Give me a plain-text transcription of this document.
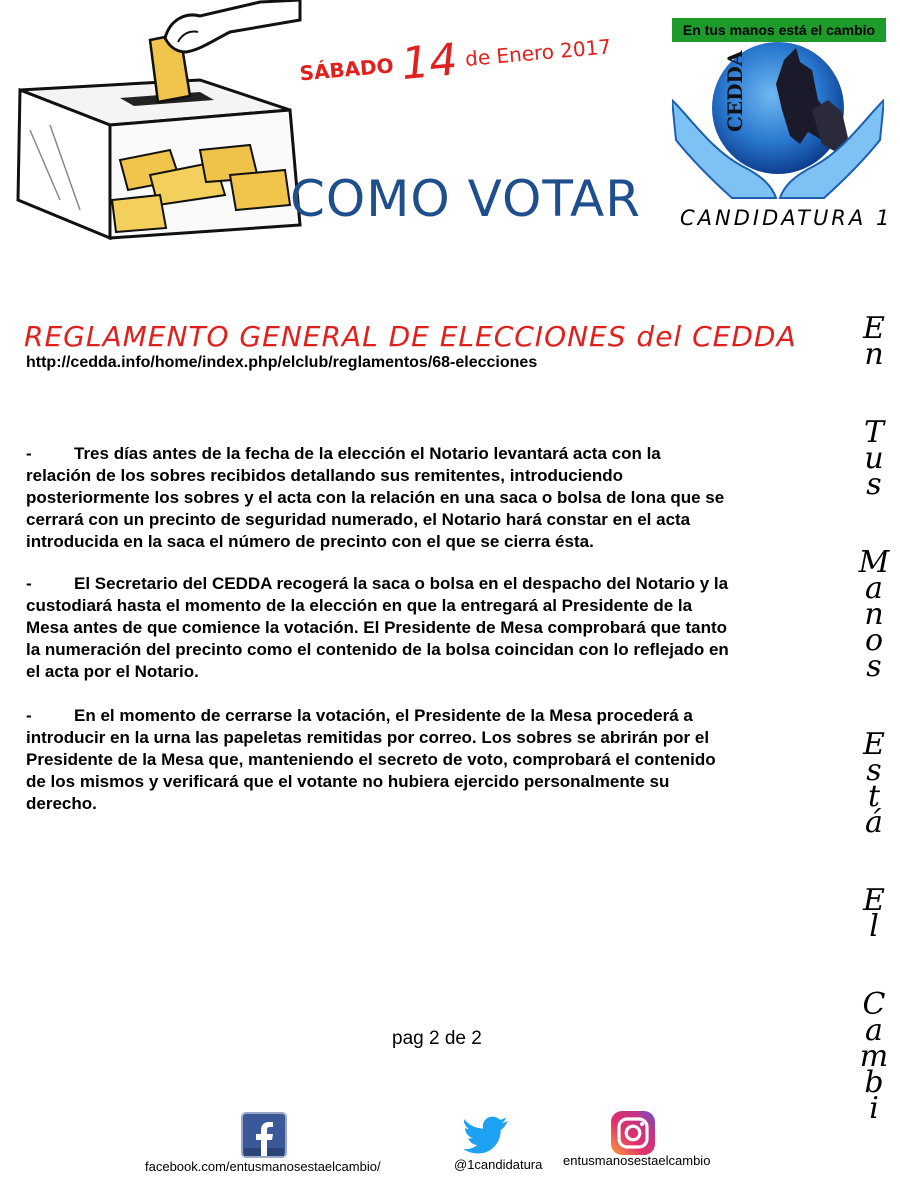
SÁBADO 14 de Enero 2017
COMO VOTAR
En tus manos está el cambio
CEDDA
CANDIDATURA 1
REGLAMENTO GENERAL DE ELECCIONES del CEDDA
http://cedda.info/home/index.php/elclub/reglamentos/68-elecciones
- Tres días antes de la fecha de la elección el Notario levantará acta con la relación de los sobres recibidos detallando sus remitentes, introduciendo posteriormente los sobres y el acta con la relación en una saca o bolsa de lona que se cerrará con un precinto de seguridad numerado, el Notario hará constar en el acta introducida en la saca el número de precinto con el que se cierra ésta.
- El Secretario del CEDDA recogerá la saca o bolsa en el despacho del Notario y la custodiará hasta el momento de la elección en que la entregará al Presidente de la Mesa antes de que comience la votación. El Presidente de Mesa comprobará que tanto la numeración del precinto como el contenido de la bolsa coincidan con lo reflejado en el acta por el Notario.
- En el momento de cerrarse la votación, el Presidente de la Mesa procederá a introducir en la urna las papeletas remitidas por correo. Los sobres se abrirán por el Presidente de la Mesa que, manteniendo el secreto de voto, comprobará el contenido de los mismos y verificará que el votante no hubiera ejercido personalmente su derecho.
pag 2 de 2
E
n
T
u
s
M
a
n
o
s
E
s
t
á
E
l
C
a
m
b
i
facebook.com/entusmanosestaelcambio/	@1candidatura entusmanosestaelcambio
